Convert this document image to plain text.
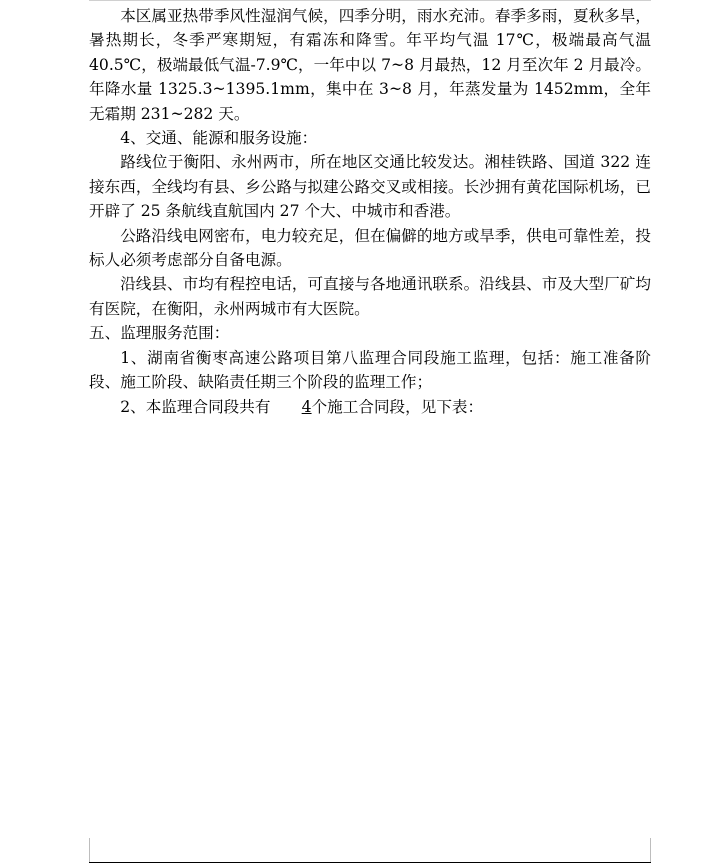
本区属亚热带季风性湿润气候，四季分明，雨水充沛。春季多雨，夏秋多旱，暑热期长，冬季严寒期短，有霜冻和降雪。年平均气温 17℃，极端最高气温 40.5℃，极端最低气温-7.9℃，一年中以 7~8 月最热，12 月至次年 2 月最冷。年降水量 1325.3~1395.1mm，集中在 3~8 月，年蒸发量为 1452mm，全年无霜期 231~282 天。

4、交通、能源和服务设施：

路线位于衡阳、永州两市，所在地区交通比较发达。湘桂铁路、国道 322 连接东西，全线均有县、乡公路与拟建公路交叉或相接。长沙拥有黄花国际机场，已开辟了 25 条航线直航国内 27 个大、中城市和香港。

公路沿线电网密布，电力较充足，但在偏僻的地方或旱季，供电可靠性差，投标人必须考虑部分自备电源。

沿线县、市均有程控电话，可直接与各地通讯联系。沿线县、市及大型厂矿均有医院，在衡阳，永州两城市有大医院。

五、监理服务范围：

1、湖南省衡枣高速公路项目第八监理合同段施工监理，包括：施工准备阶段、施工阶段、缺陷责任期三个阶段的监理工作；

2、本监理合同段共有 4个施工合同段，见下表：
